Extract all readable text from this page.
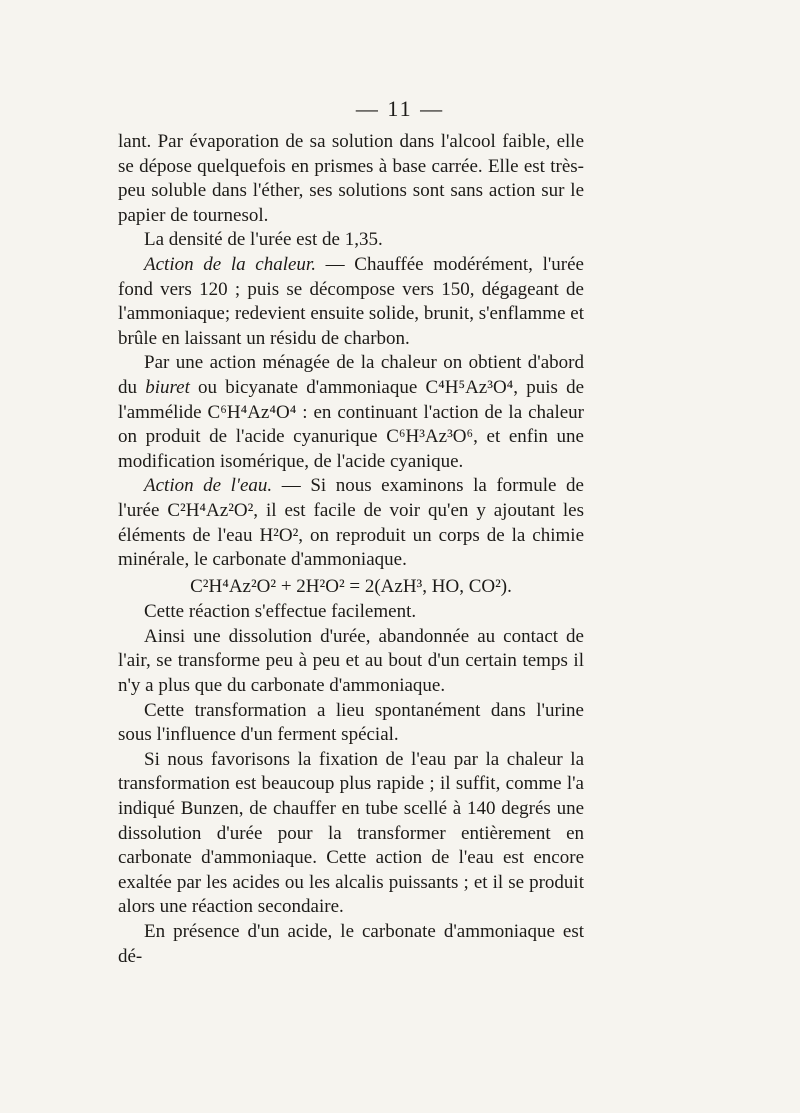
— 11 —

lant. Par évaporation de sa solution dans l'alcool faible, elle se dépose quelquefois en prismes à base carrée. Elle est très-peu soluble dans l'éther, ses solutions sont sans action sur le papier de tournesol.

La densité de l'urée est de 1,35.

Action de la chaleur. — Chauffée modérément, l'urée fond vers 120 ; puis se décompose vers 150, dégageant de l'ammoniaque; redevient ensuite solide, brunit, s'enflamme et brûle en laissant un résidu de charbon.

Par une action ménagée de la chaleur on obtient d'abord du biuret ou bicyanate d'ammoniaque C⁴H⁵Az³O⁴, puis de l'ammélide C⁶H⁴Az⁴O⁴ : en continuant l'action de la chaleur on produit de l'acide cyanurique C⁶H³Az³O⁶, et enfin une modification isomérique, de l'acide cyanique.

Action de l'eau. — Si nous examinons la formule de l'urée C²H⁴Az²O², il est facile de voir qu'en y ajoutant les éléments de l'eau H²O², on reproduit un corps de la chimie minérale, le carbonate d'ammoniaque.

C²H⁴Az²O² + 2H²O² = 2(AzH³, HO, CO²).

Cette réaction s'effectue facilement.

Ainsi une dissolution d'urée, abandonnée au contact de l'air, se transforme peu à peu et au bout d'un certain temps il n'y a plus que du carbonate d'ammoniaque.

Cette transformation a lieu spontanément dans l'urine sous l'influence d'un ferment spécial.

Si nous favorisons la fixation de l'eau par la chaleur la transformation est beaucoup plus rapide ; il suffit, comme l'a indiqué Bunzen, de chauffer en tube scellé à 140 degrés une dissolution d'urée pour la transformer entièrement en carbonate d'ammoniaque. Cette action de l'eau est encore exaltée par les acides ou les alcalis puissants ; et il se produit alors une réaction secondaire.

En présence d'un acide, le carbonate d'ammoniaque est dé-
